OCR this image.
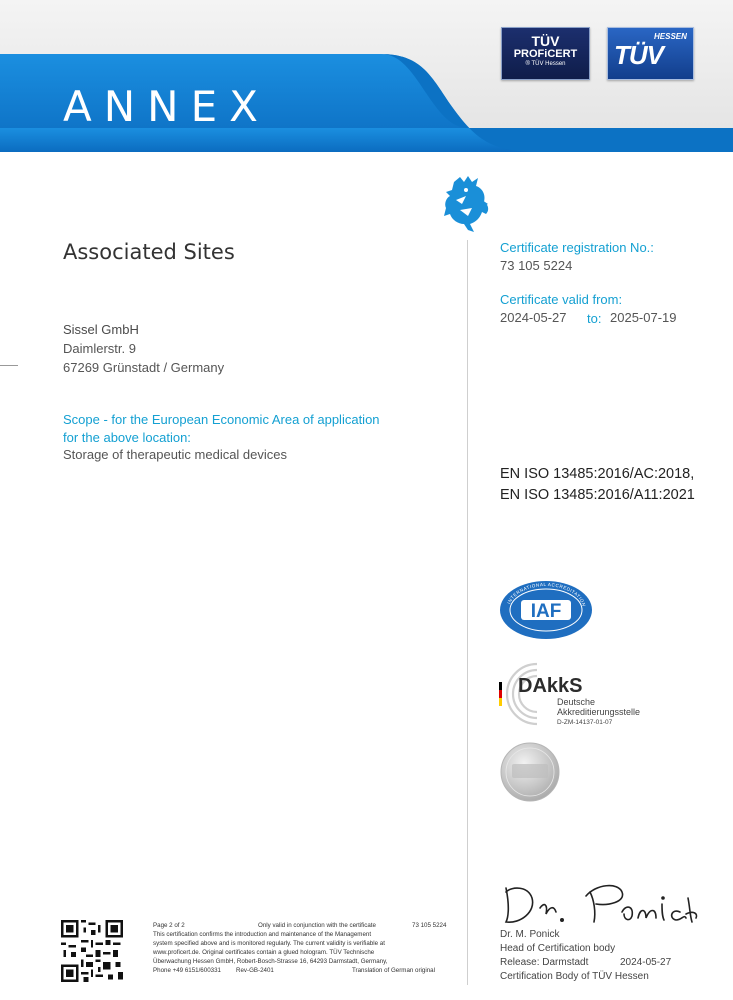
ANNEX
TÜV
PROFiCERT
® TÜV Hessen	TÜV
HESSEN
Associated Sites
Sissel GmbH
Daimlerstr. 9
67269 Grünstadt / Germany
Scope - for the European Economic Area of application for the above location:
Storage of therapeutic medical devices
Certificate registration No.:
73 105 5224
Certificate valid from:
2024-05-27 to: 2025-07-19
EN ISO 13485:2016/AC:2018,
EN ISO 13485:2016/A11:2021
IAF
INTERNATIONAL ACCREDITATION
DAkkS
Deutsche
Akkreditierungsstelle
D-ZM-14137-01-07
Dr. M. Ponick
Head of Certification body
Release: Darmstadt	2024-05-27
Certification Body of TÜV Hessen
Page 2 of 2	Only valid in conjunction with the certificate	73 105 5224
This certification confirms the introduction and maintenance of the Management
system specified above and is monitored regularly. The current validity is verifiable at
www.proficert.de. Original certificates contain a glued hologram. TÜV Technische
Überwachung Hessen GmbH, Robert-Bosch-Strasse 16, 64293 Darmstadt, Germany,
Phone +49 6151/600331 Rev-GB-2401	Translation of German original
